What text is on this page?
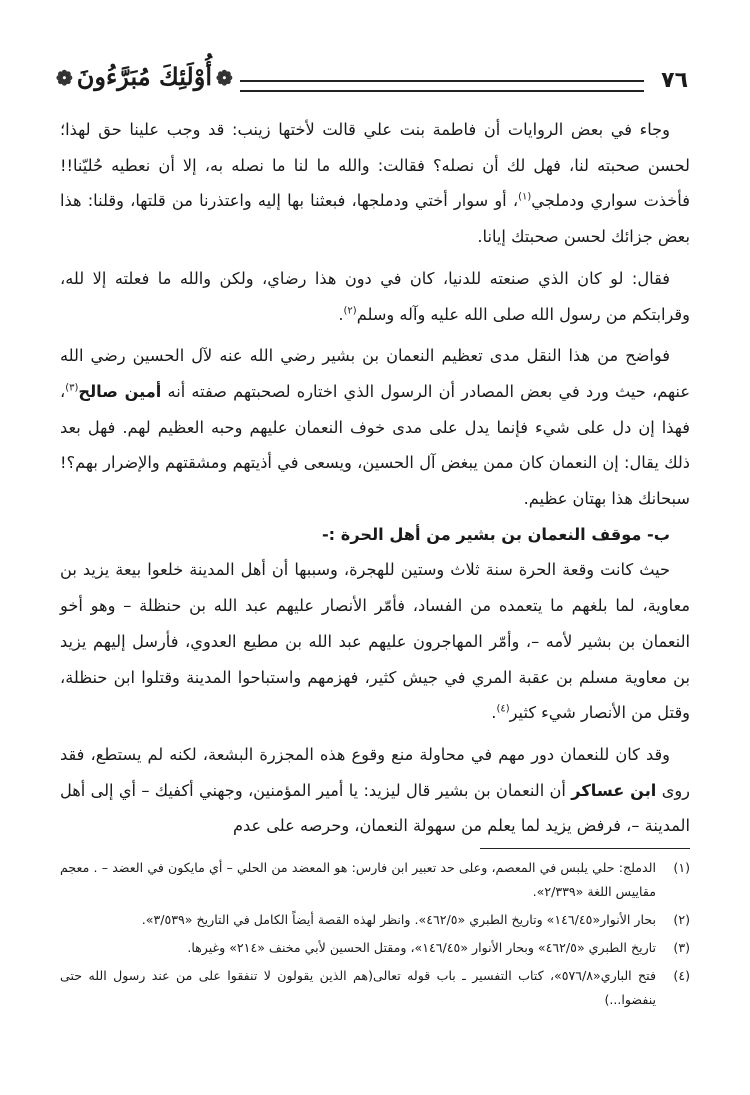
٧٦
❁أُوْلَئِكَ مُبَرَّءُونَ❁

وجاء في بعض الروايات أن فاطمة بنت علي قالت لأختها زينب: قد وجب علينا حق لهذا؛ لحسن صحبته لنا، فهل لك أن نصله؟ فقالت: والله ما لنا ما نصله به، إلا أن نعطيه حُليّنا!! فأخذت سواري ودملجي$^{(١)}$، أو سوار أختي ودملجها، فبعثنا بها إليه واعتذرنا من قلتها، وقلنا: هذا بعض جزائك لحسن صحبتك إيانا.

فقال: لو كان الذي صنعته للدنيا، كان في دون هذا رضاي، ولكن والله ما فعلته إلا لله، وقرابتكم من رسول الله صلى الله عليه وآله وسلم$^{(٢)}$.

فواضح من هذا النقل مدى تعظيم النعمان بن بشير رضي الله عنه لآل الحسين رضي الله عنهم، حيث ورد في بعض المصادر أن الرسول الذي اختاره لصحبتهم صفته أنه أمين صالح$^{(٣)}$، فهذا إن دل على شيء فإنما يدل على مدى خوف النعمان عليهم وحبه العظيم لهم. فهل بعد ذلك يقال: إن النعمان كان ممن يبغض آل الحسين، ويسعى في أذيتهم ومشقتهم والإضرار بهم؟! سبحانك هذا بهتان عظيم.

ب- موقف النعمان بن بشير من أهل الحرة :-

حيث كانت وقعة الحرة سنة ثلاث وستين للهجرة، وسببها أن أهل المدينة خلعوا بيعة يزيد بن معاوية، لما بلغهم ما يتعمده من الفساد، فأمّر الأنصار عليهم عبد الله بن حنظلة – وهو أخو النعمان بن بشير لأمه –، وأمّر المهاجرون عليهم عبد الله بن مطيع العدوي، فأرسل إليهم يزيد بن معاوية مسلم بن عقبة المري في جيش كثير، فهزمهم واستباحوا المدينة وقتلوا ابن حنظلة، وقتل من الأنصار شيء كثير$^{(٤)}$.

وقد كان للنعمان دور مهم في محاولة منع وقوع هذه المجزرة البشعة، لكنه لم يستطع، فقد روى ابن عساكر أن النعمان بن بشير قال ليزيد: يا أمير المؤمنين، وجهني أكفيك – أي إلى أهل المدينة –، فرفض يزيد لما يعلم من سهولة النعمان، وحرصه على عدم

(١)
الدملج: حلي يلبس في المعصم، وعلى حد تعبير ابن فارس: هو المعضد من الحلي – أي مايكون في العضد – . معجم مقاييس اللغة «٢/٣٣٩».

(٢)
بحار الأنوار«١٤٦/٤٥» وتاريخ الطبري «٤٦٢/٥». وانظر لهذه القصة أيضاً الكامل في التاريخ «٣/٥٣٩».

(٣)
تاريخ الطبري «٤٦٢/٥» وبحار الأنوار «١٤٦/٤٥»، ومقتل الحسين لأبي مخنف «٢١٤» وغيرها.

(٤)
فتح الباري«٥٧٦/٨»، كتاب التفسير ـ باب قوله تعالى(هم الذين يقولون لا تنفقوا على من عند رسول الله حتى ينفضوا...)
